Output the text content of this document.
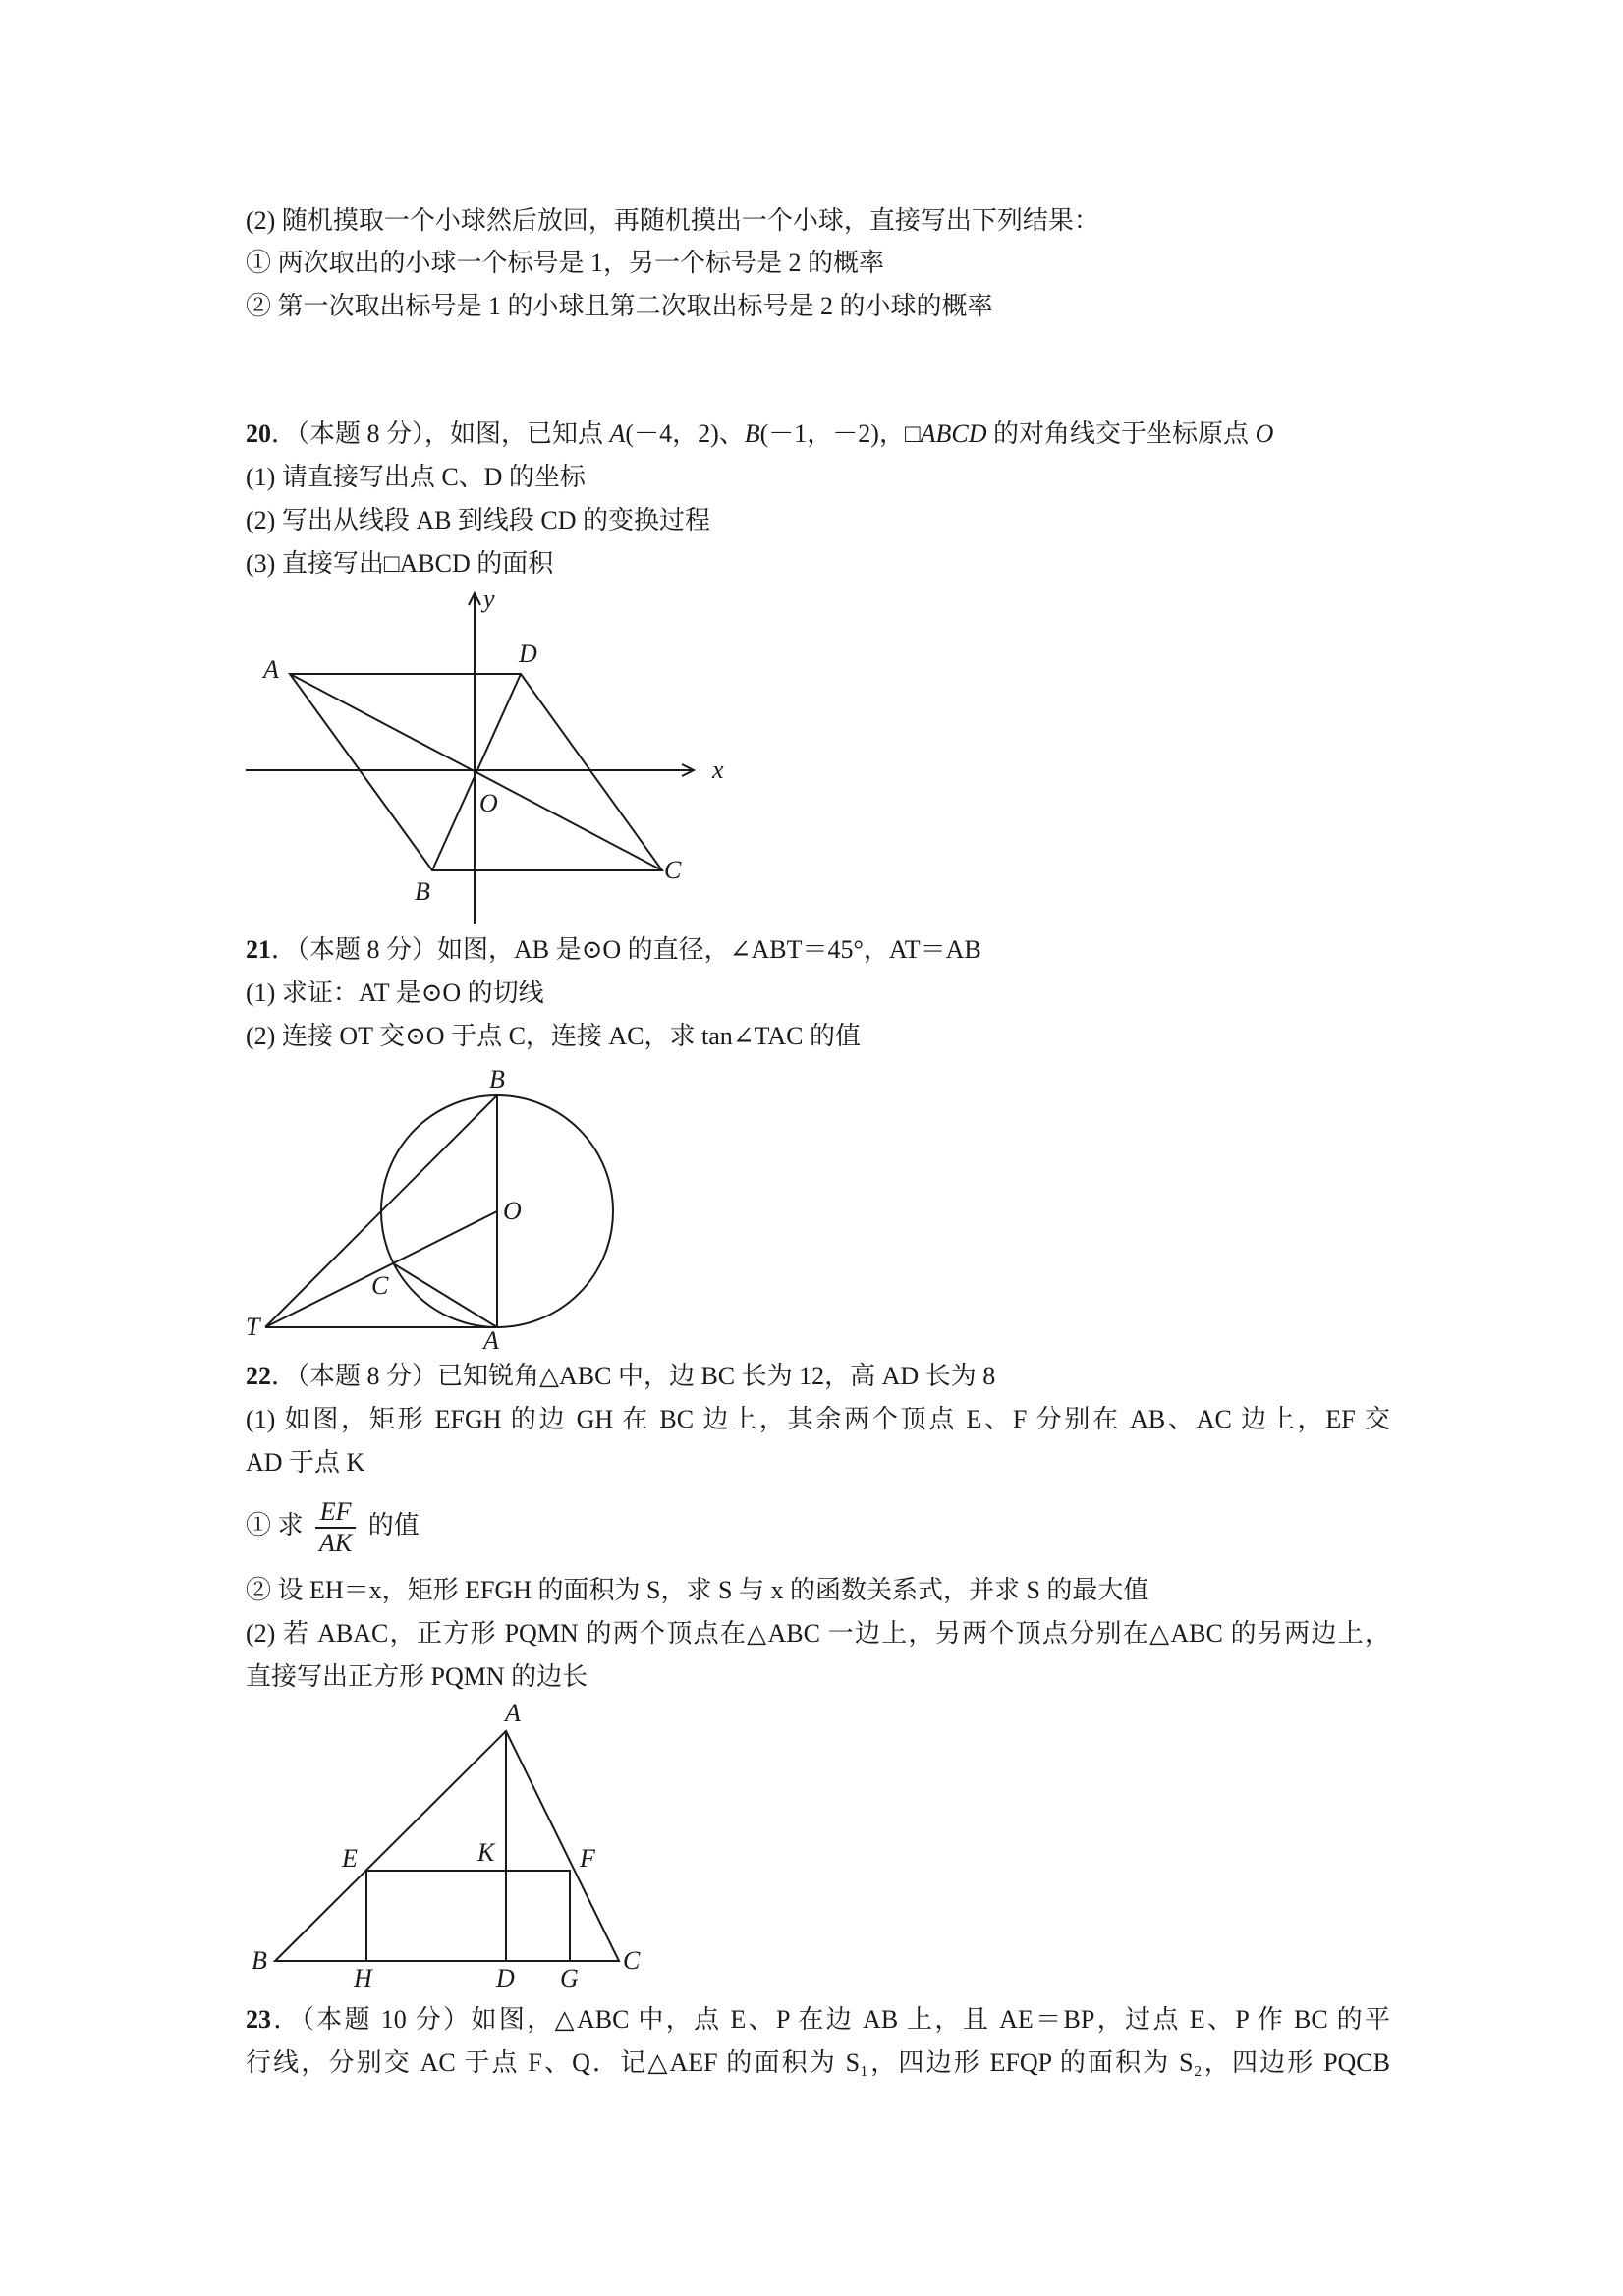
(2) 随机摸取一个小球然后放回，再随机摸出一个小球，直接写出下列结果：
① 两次取出的小球一个标号是 1，另一个标号是 2 的概率
② 第一次取出标号是 1 的小球且第二次取出标号是 2 的小球的概率
20．（本题 8 分），如图，已知点 A(－4，2)、B(－1，－2)，□ABCD 的对角线交于坐标原点 O
(1) 请直接写出点 C、D 的坐标
(2) 写出从线段 AB 到线段 CD 的变换过程
(3) 直接写出□ABCD 的面积
A
D
x
y
O
B
C
21．（本题 8 分）如图，AB 是⊙O 的直径，∠ABT＝45°，AT＝AB
(1) 求证：AT 是⊙O 的切线
(2) 连接 OT 交⊙O 于点 C，连接 AC，求 tan∠TAC 的值
B
O
C
T	A
22．（本题 8 分）已知锐角△ABC 中，边 BC 长为 12，高 AD 长为 8
(1) 如图，矩形 EFGH 的边 GH 在 BC 边上，其余两个顶点 E、F 分别在 AB、AC 边上，EF 交
AD 于点 K
① 求 $\frac{EF}{AK}$ 的值
② 设 EH＝x，矩形 EFGH 的面积为 S，求 S 与 x 的函数关系式，并求 S 的最大值
(2) 若 ABAC，正方形 PQMN 的两个顶点在△ABC 一边上，另两个顶点分别在△ABC 的另两边上，
直接写出正方形 PQMN 的边长
A
E	K	F
B
H	D G
C
23．（本题 10 分）如图，△ABC 中，点 E、P 在边 AB 上，且 AE＝BP，过点 E、P 作 BC 的平
行线，分别交 AC 于点 F、Q．记△AEF 的面积为 S₁，四边形 EFQP 的面积为 S₂，四边形 PQCB
